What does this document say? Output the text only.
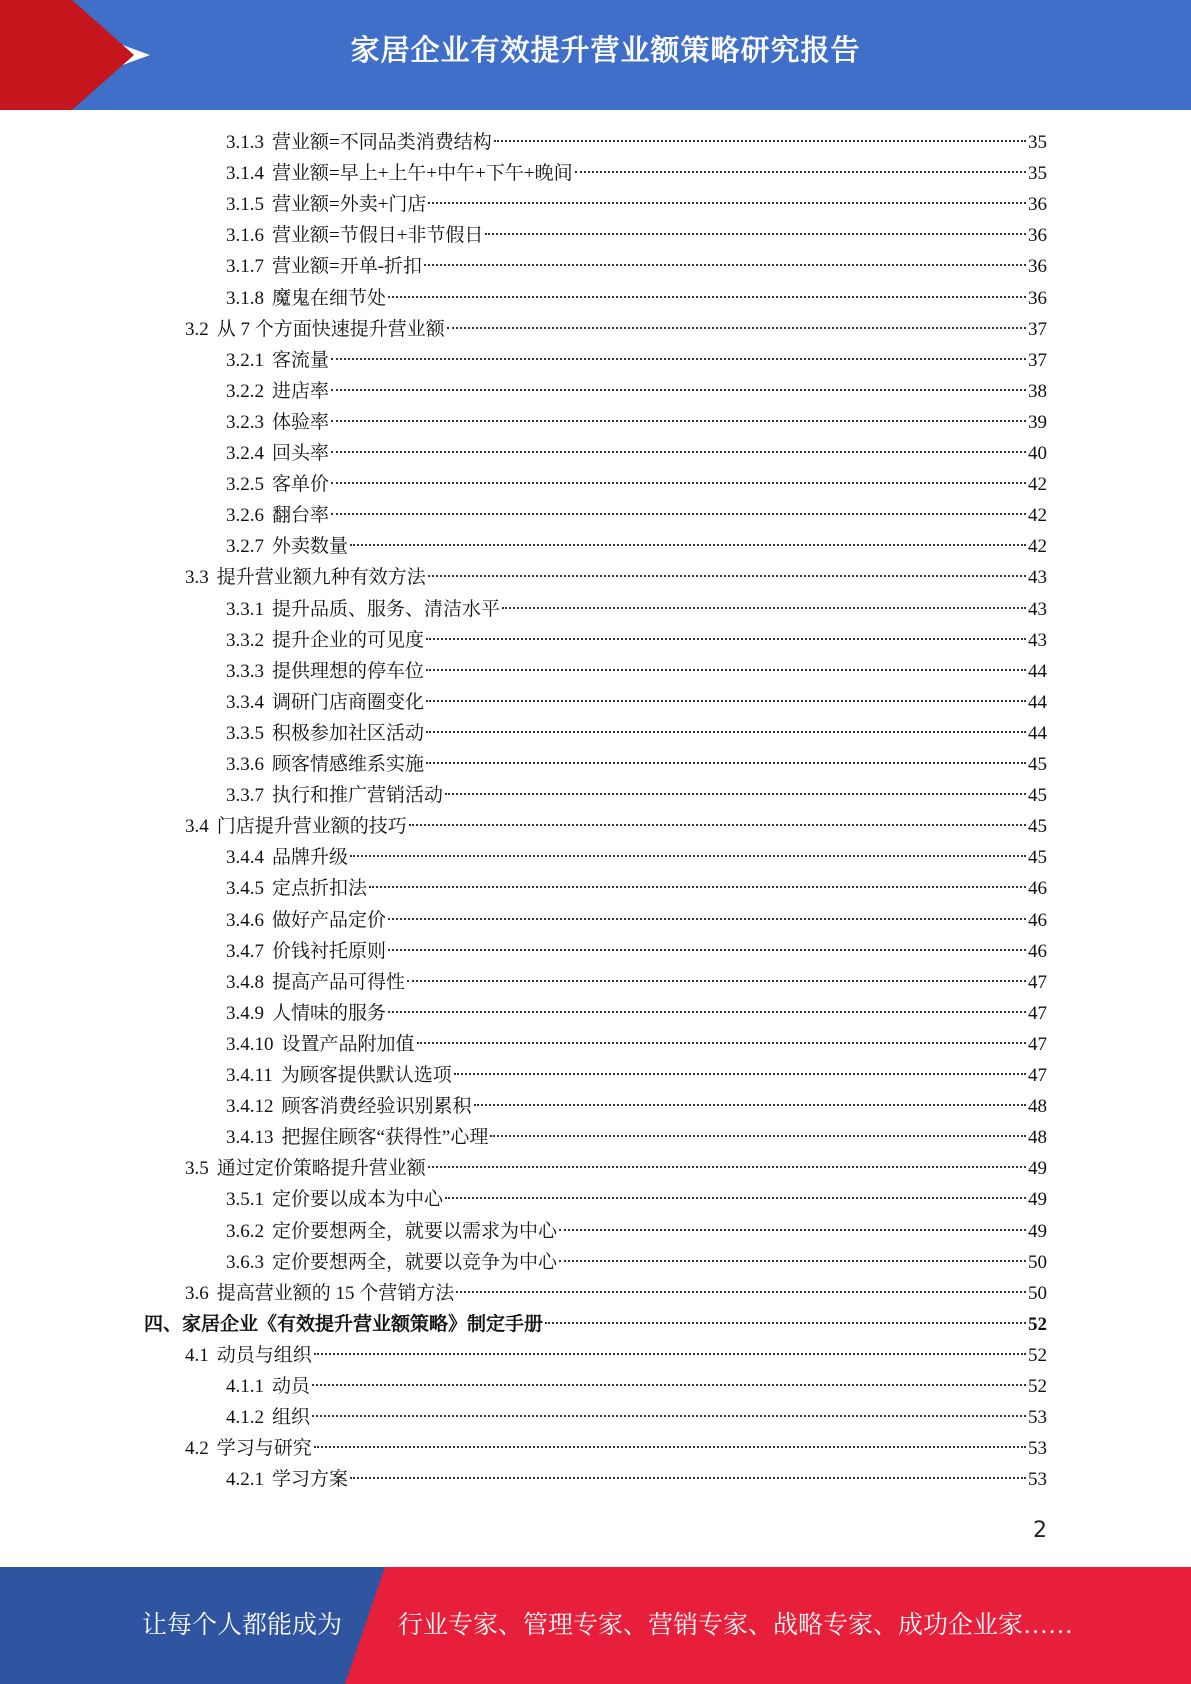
家居企业有效提升营业额策略研究报告
3.1.3 营业额=不同品类消费结构	35
3.1.4 营业额=早上+上午+中午+下午+晚间	35
3.1.5 营业额=外卖+门店	36
3.1.6 营业额=节假日+非节假日	36
3.1.7 营业额=开单-折扣	36
3.1.8 魔鬼在细节处	36
3.2 从 7 个方面快速提升营业额	37
3.2.1 客流量	37
3.2.2 进店率	38
3.2.3 体验率	39
3.2.4 回头率	40
3.2.5 客单价	42
3.2.6 翻台率	42
3.2.7 外卖数量	42
3.3 提升营业额九种有效方法	43
3.3.1 提升品质、服务、清洁水平	43
3.3.2 提升企业的可见度	43
3.3.3 提供理想的停车位	44
3.3.4 调研门店商圈变化	44
3.3.5 积极参加社区活动	44
3.3.6 顾客情感维系实施	45
3.3.7 执行和推广营销活动	45
3.4 门店提升营业额的技巧	45
3.4.4 品牌升级	45
3.4.5 定点折扣法	46
3.4.6 做好产品定价	46
3.4.7 价钱衬托原则	46
3.4.8 提高产品可得性	47
3.4.9 人情味的服务	47
3.4.10 设置产品附加值	47
3.4.11 为顾客提供默认选项	47
3.4.12 顾客消费经验识别累积	48
3.4.13 把握住顾客“获得性”心理	48
3.5 通过定价策略提升营业额	49
3.5.1 定价要以成本为中心	49
3.6.2 定价要想两全，就要以需求为中心	49
3.6.3 定价要想两全，就要以竞争为中心	50
3.6 提高营业额的 15 个营销方法	50
四、家居企业《有效提升营业额策略》制定手册	52
4.1 动员与组织	52
4.1.1 动员	52
4.1.2 组织	53
4.2 学习与研究	53
4.2.1 学习方案	53
2
让每个人都能成为 行业专家、管理专家、营销专家、战略专家、成功企业家……
